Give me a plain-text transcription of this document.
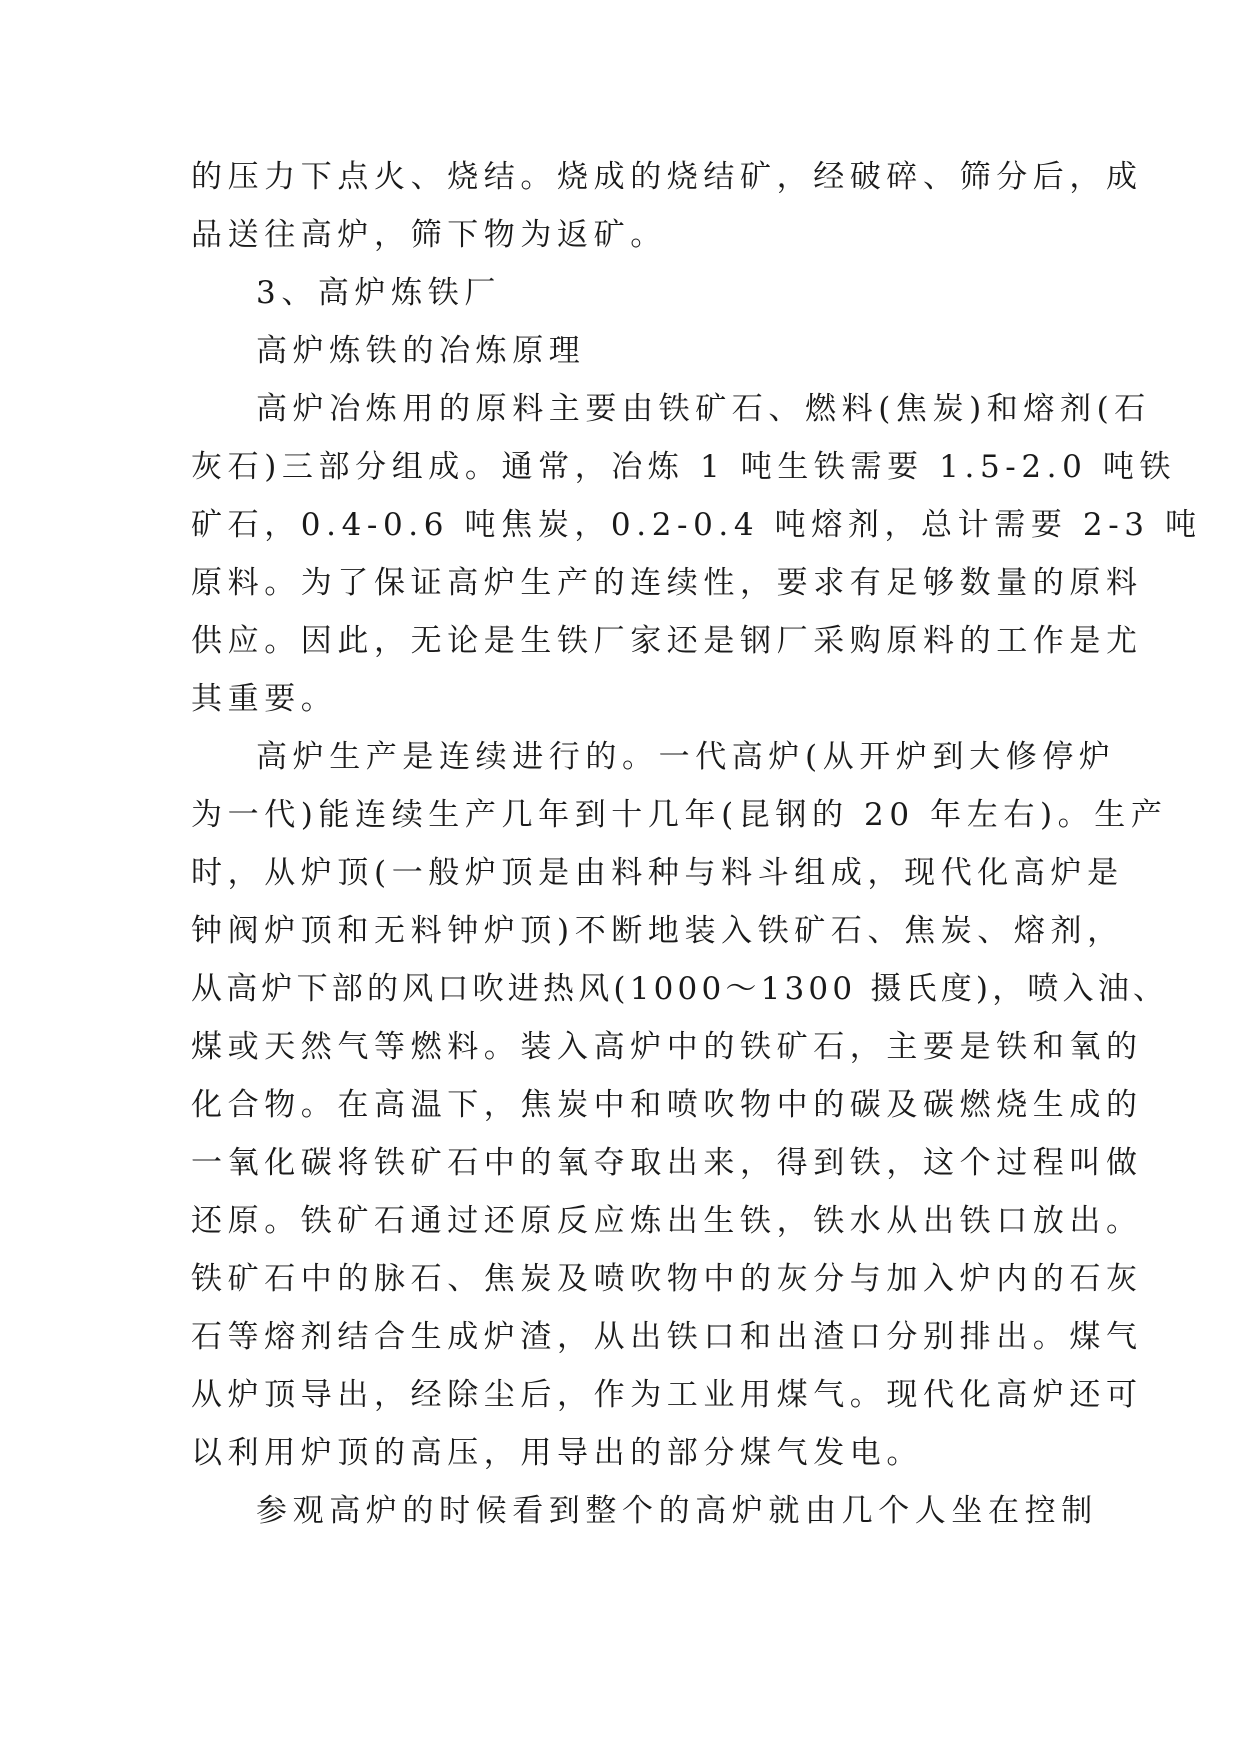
的压力下点火、烧结。烧成的烧结矿，经破碎、筛分后，成
品送往高炉，筛下物为返矿。
3、高炉炼铁厂
高炉炼铁的冶炼原理
高炉冶炼用的原料主要由铁矿石、燃料(焦炭)和熔剂(石
灰石)三部分组成。通常，冶炼 1 吨生铁需要 1.5-2.0 吨铁
矿石，0.4-0.6 吨焦炭，0.2-0.4 吨熔剂，总计需要 2-3 吨
原料。为了保证高炉生产的连续性，要求有足够数量的原料
供应。因此，无论是生铁厂家还是钢厂采购原料的工作是尤
其重要。
高炉生产是连续进行的。一代高炉(从开炉到大修停炉
为一代)能连续生产几年到十几年(昆钢的 20 年左右)。生产
时，从炉顶(一般炉顶是由料种与料斗组成，现代化高炉是
钟阀炉顶和无料钟炉顶)不断地装入铁矿石、焦炭、熔剂，
从高炉下部的风口吹进热风(1000～1300 摄氏度)，喷入油、
煤或天然气等燃料。装入高炉中的铁矿石，主要是铁和氧的
化合物。在高温下，焦炭中和喷吹物中的碳及碳燃烧生成的
一氧化碳将铁矿石中的氧夺取出来，得到铁，这个过程叫做
还原。铁矿石通过还原反应炼出生铁，铁水从出铁口放出。
铁矿石中的脉石、焦炭及喷吹物中的灰分与加入炉内的石灰
石等熔剂结合生成炉渣，从出铁口和出渣口分别排出。煤气
从炉顶导出，经除尘后，作为工业用煤气。现代化高炉还可
以利用炉顶的高压，用导出的部分煤气发电。
参观高炉的时候看到整个的高炉就由几个人坐在控制
